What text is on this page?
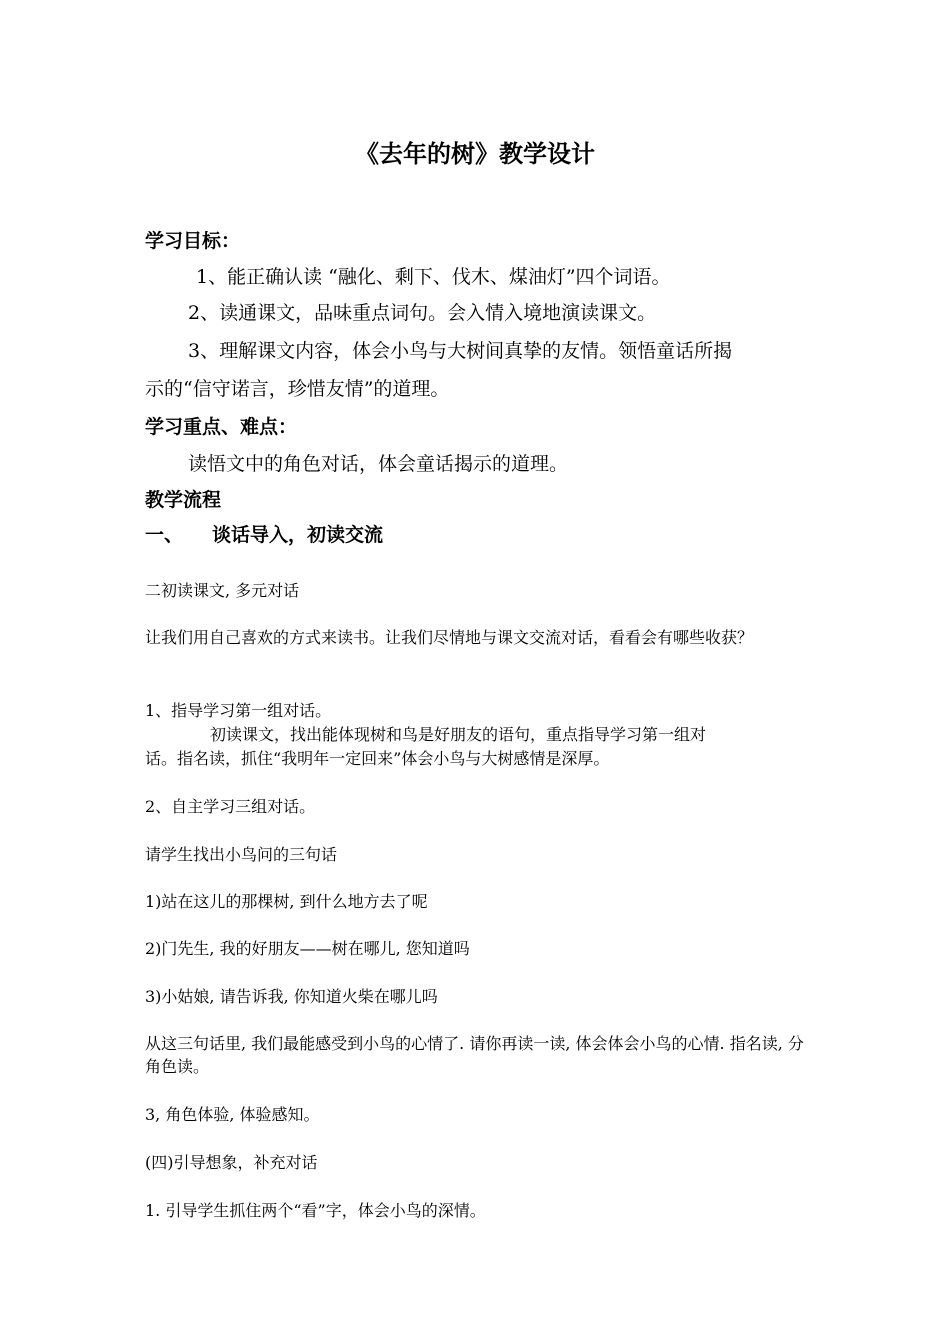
《去年的树》教学设计
学习目标：
1、能正确认读 “融化、剩下、伐木、煤油灯”四个词语。
2、读通课文，品味重点词句。会入情入境地演读课文。
3、理解课文内容，体会小鸟与大树间真挚的友情。领悟童话所揭
示的“信守诺言，珍惜友情”的道理。
学习重点、难点：
读悟文中的角色对话，体会童话揭示的道理。
教学流程
一、 谈话导入，初读交流
二初读课文, 多元对话
让我们用自己喜欢的方式来读书。让我们尽情地与课文交流对话，看看会有哪些收获？
1、指导学习第一组对话。
初读课文，找出能体现树和鸟是好朋友的语句，重点指导学习第一组对
话。指名读，抓住“我明年一定回来”体会小鸟与大树感情是深厚。
2、自主学习三组对话。
请学生找出小鸟问的三句话
1)站在这儿的那棵树, 到什么地方去了呢
2)门先生, 我的好朋友——树在哪儿, 您知道吗
3)小姑娘, 请告诉我, 你知道火柴在哪儿吗
从这三句话里, 我们最能感受到小鸟的心情了. 请你再读一读, 体会体会小鸟的心情. 指名读, 分角色读。
3, 角色体验, 体验感知。
(四)引导想象，补充对话
1. 引导学生抓住两个“看”字，体会小鸟的深情。
